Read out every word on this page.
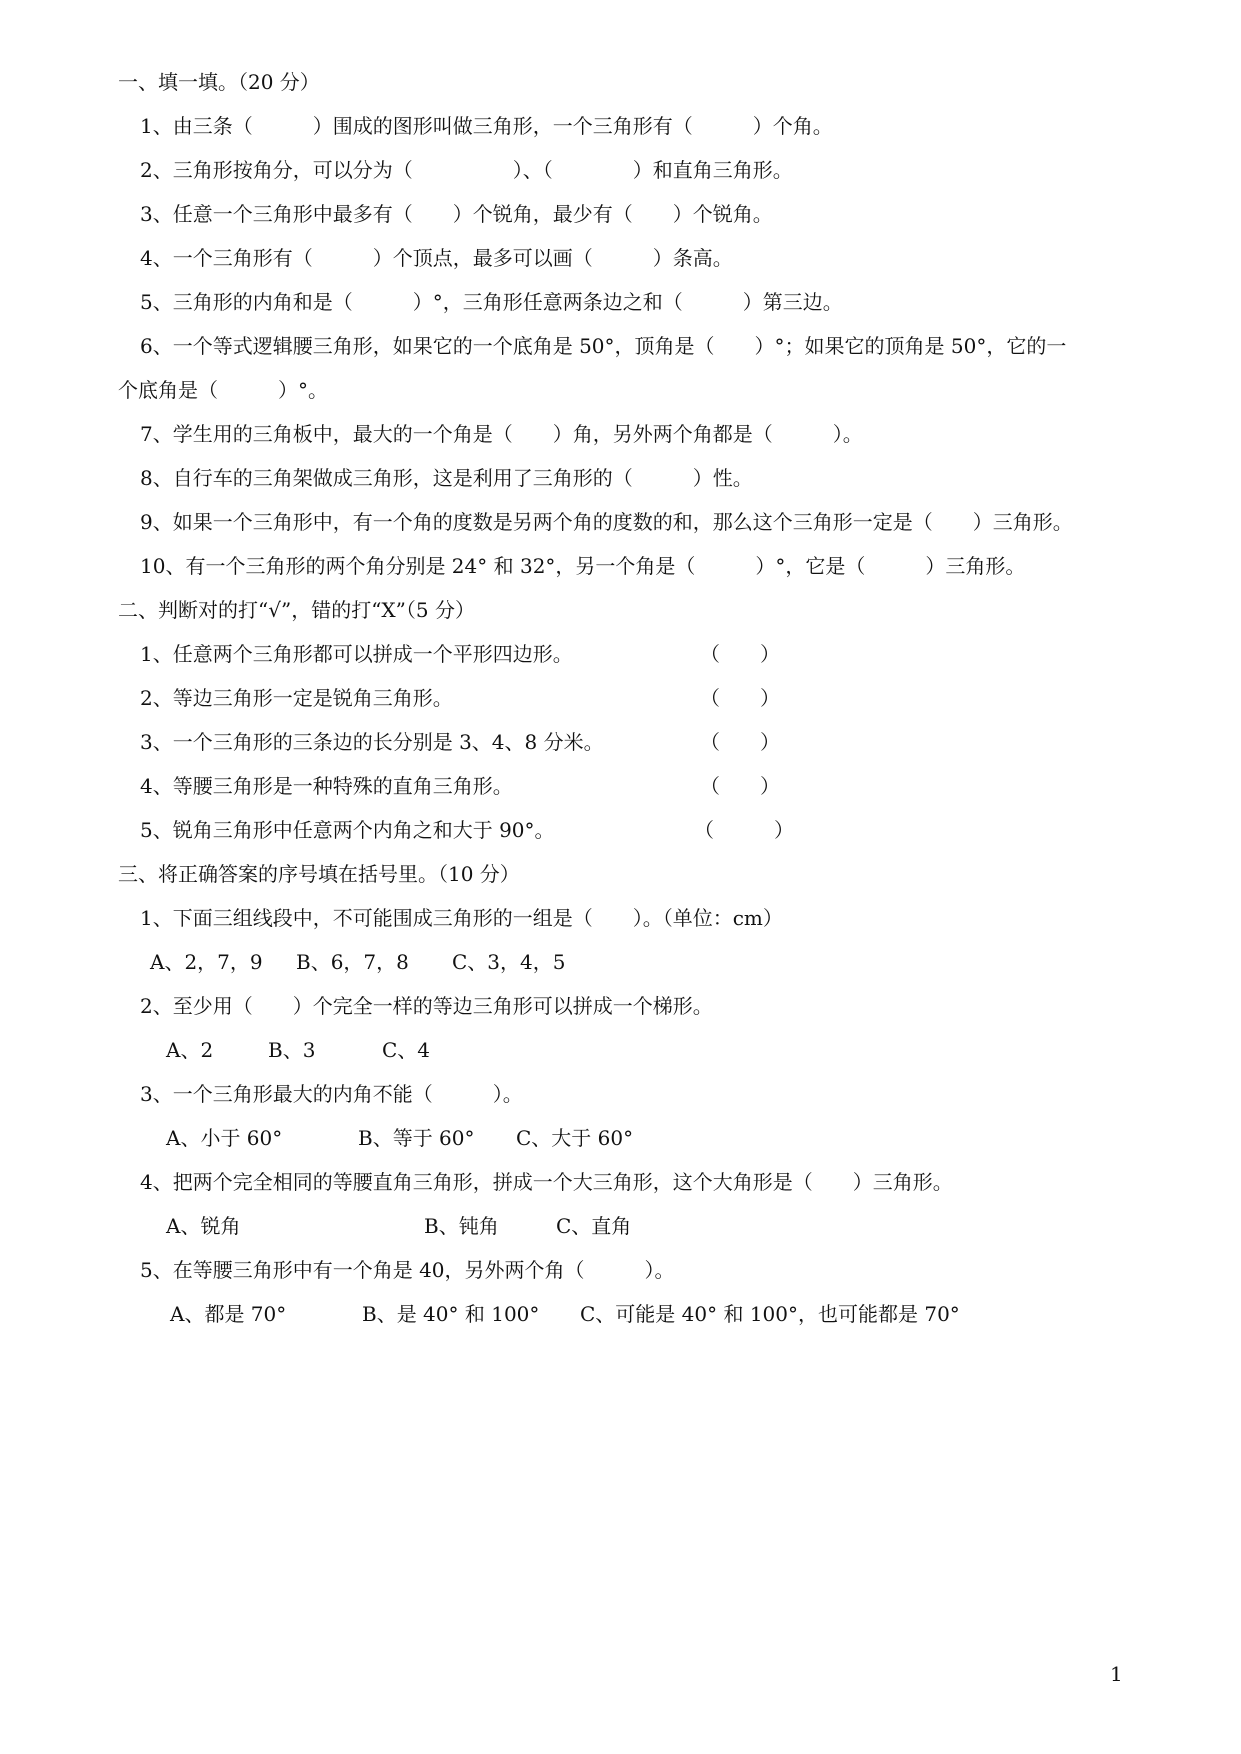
一、填一填。（20 分）
1、由三条（　　　）围成的图形叫做三角形，一个三角形有（　　　）个角。
2、三角形按角分，可以分为（　　　　　）、（　　　　）和直角三角形。
3、任意一个三角形中最多有（　　）个锐角，最少有（　　）个锐角。
4、一个三角形有（　　　）个顶点，最多可以画（　　　）条高。
5、三角形的内角和是（　　　）°，三角形任意两条边之和（　　　）第三边。
6、一个等式逻辑腰三角形，如果它的一个底角是 50°，顶角是（　　）°；如果它的顶角是 50°，它的一
个底角是（　　　）°。
7、学生用的三角板中，最大的一个角是（　　）角，另外两个角都是（　　　）。
8、自行车的三角架做成三角形，这是利用了三角形的（　　　）性。
9、如果一个三角形中，有一个角的度数是另两个角的度数的和，那么这个三角形一定是（　　）三角形。
10、有一个三角形的两个角分别是 24° 和 32°，另一个角是（　　　）°，它是（　　　）三角形。
二、判断对的打“√”，错的打“X”（5 分）
1、任意两个三角形都可以拼成一个平形四边形。	（　　）
2、等边三角形一定是锐角三角形。	（　　）
3、一个三角形的三条边的长分别是 3、4、8 分米。	（　　）
4、等腰三角形是一种特殊的直角三角形。	（　　）
5、锐角三角形中任意两个内角之和大于 90°。	（　　　）
三、将正确答案的序号填在括号里。（10 分）
1、下面三组线段中，不可能围成三角形的一组是（　　）。（单位：cm）
A、2，7，9 B、6，7，8 C、3，4，5
2、至少用（　　）个完全一样的等边三角形可以拼成一个梯形。
A、2	B、3	C、4
3、一个三角形最大的内角不能（　　　）。
A、小于 60°	B、等于 60° C、大于 60°
4、把两个完全相同的等腰直角三角形，拼成一个大三角形，这个大角形是（　　）三角形。
A、锐角	B、钝角	C、直角
5、在等腰三角形中有一个角是 40，另外两个角（　　　）。
A、都是 70°	B、是 40° 和 100° C、可能是 40° 和 100°，也可能都是 70°
1
